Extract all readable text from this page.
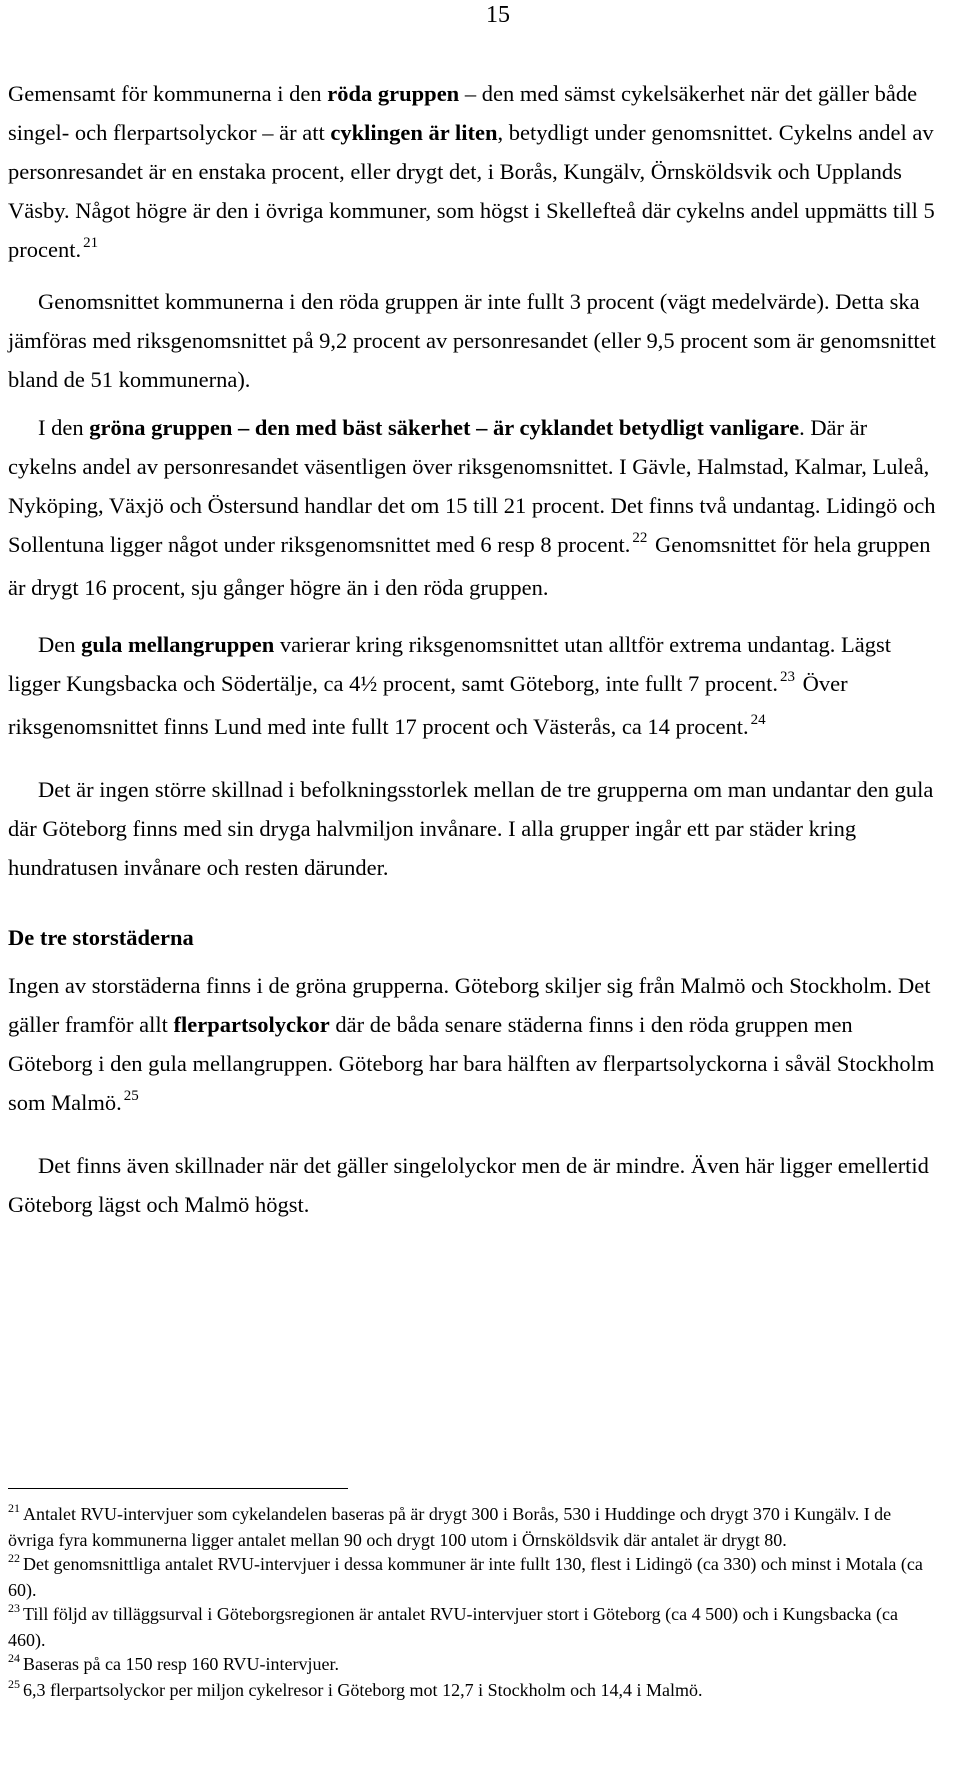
15

Gemensamt för kommunerna i den röda gruppen – den med sämst cykelsäkerhet när det gäller både singel- och flerpartsolyckor – är att cyklingen är liten, betydligt under genomsnittet. Cykelns andel av personresandet är en enstaka procent, eller drygt det, i Borås, Kungälv, Örnsköldsvik och Upplands Väsby. Något högre är den i övriga kommuner, som högst i Skellefteå där cykelns andel uppmätts till 5 procent. $^{21}$

Genomsnittet kommunerna i den röda gruppen är inte fullt 3 procent (vägt medelvärde). Detta ska jämföras med riksgenomsnittet på 9,2 procent av personresandet (eller 9,5 procent som är genomsnittet bland de 51 kommunerna).

I den gröna gruppen – den med bäst säkerhet – är cyklandet betydligt vanligare. Där är cykelns andel av personresandet väsentligen över riksgenomsnittet. I Gävle, Halmstad, Kalmar, Luleå, Nyköping, Växjö och Östersund handlar det om 15 till 21 procent. Det finns två undantag. Lidingö och Sollentuna ligger något under riksgenomsnittet med 6 resp 8 procent. $^{22}$ Genomsnittet för hela gruppen är drygt 16 procent, sju gånger högre än i den röda gruppen.

Den gula mellangruppen varierar kring riksgenomsnittet utan alltför extrema undantag. Lägst ligger Kungsbacka och Södertälje, ca 4½ procent, samt Göteborg, inte fullt 7 procent. $^{23}$ Över riksgenomsnittet finns Lund med inte fullt 17 procent och Västerås, ca 14 procent. $^{24}$

Det är ingen större skillnad i befolkningsstorlek mellan de tre grupperna om man undantar den gula där Göteborg finns med sin dryga halvmiljon invånare. I alla grupper ingår ett par städer kring hundratusen invånare och resten därunder.

De tre storstäderna

Ingen av storstäderna finns i de gröna grupperna. Göteborg skiljer sig från Malmö och Stockholm. Det gäller framför allt flerpartsolyckor där de båda senare städerna finns i den röda gruppen men Göteborg i den gula mellangruppen. Göteborg har bara hälften av flerpartsolyckorna i såväl Stockholm som Malmö. $^{25}$

Det finns även skillnader när det gäller singelolyckor men de är mindre. Även här ligger emellertid Göteborg lägst och Malmö högst.

$^{21}$ Antalet RVU-intervjuer som cykelandelen baseras på är drygt 300 i Borås, 530 i Huddinge och drygt 370 i Kungälv. I de övriga fyra kommunerna ligger antalet mellan 90 och drygt 100 utom i Örnsköldsvik där antalet är drygt 80.

$^{22}$ Det genomsnittliga antalet RVU-intervjuer i dessa kommuner är inte fullt 130, flest i Lidingö (ca 330) och minst i Motala (ca 60).

$^{23}$ Till följd av tilläggsurval i Göteborgsregionen är antalet RVU-intervjuer stort i Göteborg (ca 4 500) och i Kungsbacka (ca 460).

$^{24}$ Baseras på ca 150 resp 160 RVU-intervjuer.

$^{25}$ 6,3 flerpartsolyckor per miljon cykelresor i Göteborg mot 12,7 i Stockholm och 14,4 i Malmö.
